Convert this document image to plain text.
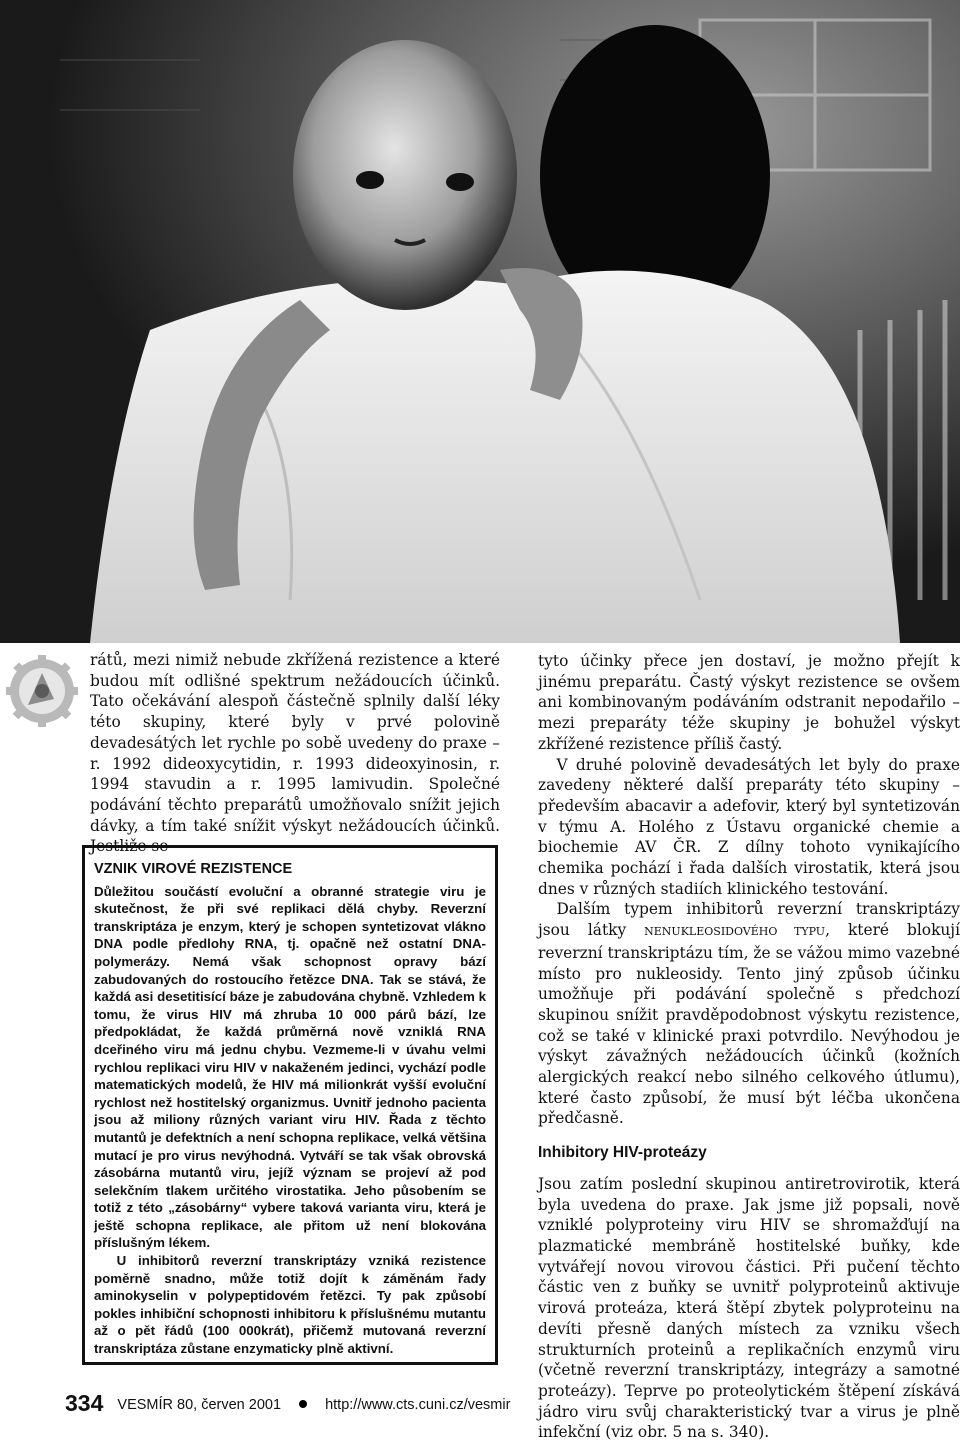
rátů, mezi nimiž nebude zkřížená rezistence a které budou mít odlišné spektrum nežádoucích účinků. Tato očekávání alespoň částečně splnily další léky této skupiny, které byly v prvé polovině devadesátých let rychle po sobě uvedeny do praxe – r. 1992 dideoxycytidin, r. 1993 dideoxyinosin, r. 1994 stavudin a r. 1995 lamivudin. Společné podávání těchto preparátů umožňovalo snížit jejich dávky, a tím také snížit výskyt nežádoucích účinků. Jestliže se

VZNIK VIROVÉ REZISTENCE

Důležitou součástí evoluční a obranné strategie viru je skutečnost, že při své replikaci dělá chyby. Reverzní transkriptáza je enzym, který je schopen syntetizovat vlákno DNA podle předlohy RNA, tj. opačně než ostatní DNA-polymerázy. Nemá však schopnost opravy bází zabudovaných do rostoucího řetězce DNA. Tak se stává, že každá asi desetitisící báze je zabudována chybně. Vzhledem k tomu, že virus HIV má zhruba 10 000 párů bází, lze předpokládat, že každá průměrná nově vzniklá RNA dceřiného viru má jednu chybu. Vezmeme-li v úvahu velmi rychlou replikaci viru HIV v nakaženém jedinci, vychází podle matematických modelů, že HIV má milionkrát vyšší evoluční rychlost než hostitelský organizmus. Uvnitř jednoho pacienta jsou až miliony různých variant viru HIV. Řada z těchto mutantů je defektních a není schopna replikace, velká většina mutací je pro virus nevýhodná. Vytváří se tak však obrovská zásobárna mutantů viru, jejíž význam se projeví až pod selekčním tlakem určitého virostatika. Jeho působením se totiž z této „zásobárny“ vybere taková varianta viru, která je ještě schopna replikace, ale přitom už není blokována příslušným lékem.

U inhibitorů reverzní transkriptázy vzniká rezistence poměrně snadno, může totiž dojít k záměnám řady aminokyselin v polypeptidovém řetězci. Ty pak způsobí pokles inhibiční schopnosti inhibitoru k příslušnému mutantu až o pět řádů (100 000krát), přičemž mutovaná reverzní transkriptáza zůstane enzymaticky plně aktivní.

tyto účinky přece jen dostaví, je možno přejít k jinému preparátu. Častý výskyt rezistence se ovšem ani kombinovaným podáváním odstranit nepodařilo – mezi preparáty téže skupiny je bohužel výskyt zkřížené rezistence příliš častý.

V druhé polovině devadesátých let byly do praxe zavedeny některé další preparáty této skupiny – především abacavir a adefovir, který byl syntetizován v týmu A. Holého z Ústavu organické chemie a biochemie AV ČR. Z dílny tohoto vynikajícího chemika pochází i řada dalších virostatik, která jsou dnes v různých stadiích klinického testování.

Dalším typem inhibitorů reverzní transkriptázy jsou látky NENUKLEOSIDOVÉHO TYPU, které blokují reverzní transkriptázu tím, že se vážou mimo vazebné místo pro nukleosidy. Tento jiný způsob účinku umožňuje při podávání společně s předchozí skupinou snížit pravděpodobnost výskytu rezistence, což se také v klinické praxi potvrdilo. Nevýhodou je výskyt závažných nežádoucích účinků (kožních alergických reakcí nebo silného celkového útlumu), které často způsobí, že musí být léčba ukončena předčasně.

Inhibitory HIV-proteázy

Jsou zatím poslední skupinou antiretrovirotik, která byla uvedena do praxe. Jak jsme již popsali, nově vzniklé polyproteiny viru HIV se shromažďují na plazmatické membráně hostitelské buňky, kde vytvářejí novou virovou částici. Při pučení těchto částic ven z buňky se uvnitř polyproteinů aktivuje virová proteáza, která štěpí zbytek polyproteinu na devíti přesně daných místech za vzniku všech strukturních proteinů a replikačních enzymů viru (včetně reverzní transkriptázy, integrázy a samotné proteázy). Teprve po proteolytickém štěpení získává jádro viru svůj charakteristický tvar a virus je plně infekční (viz obr. 5 na s. 340).

334 VESMÍR 80, červen 2001	http://www.cts.cuni.cz/vesmir
